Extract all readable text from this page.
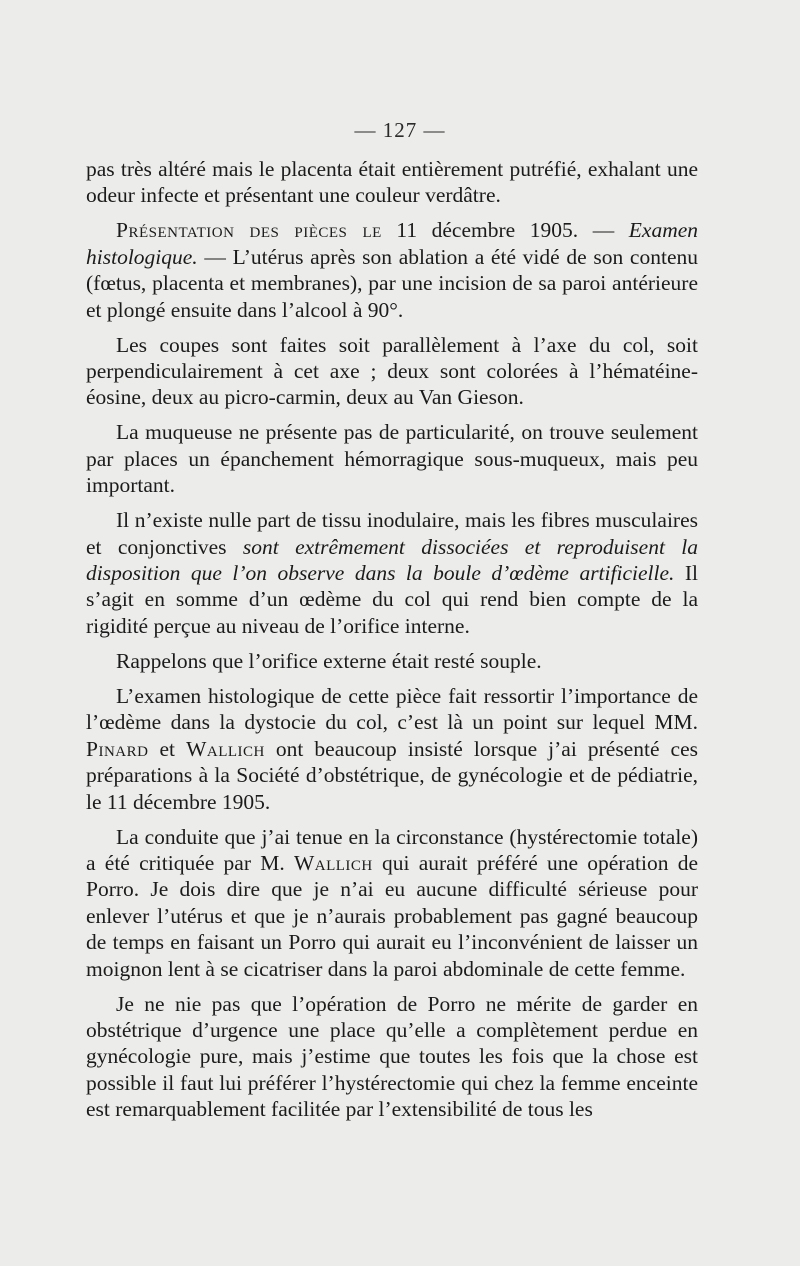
— 127 —

pas très altéré mais le placenta était entièrement putréfié, exhalant une odeur infecte et présentant une couleur verdâtre.

Présentation des pièces le 11 décembre 1905. — Examen histologique. — L’utérus après son ablation a été vidé de son contenu (fœtus, placenta et membranes), par une incision de sa paroi antérieure et plongé ensuite dans l’alcool à 90°.

Les coupes sont faites soit parallèlement à l’axe du col, soit perpendiculairement à cet axe ; deux sont colorées à l’hématéine-éosine, deux au picro-carmin, deux au Van Gieson.

La muqueuse ne présente pas de particularité, on trouve seulement par places un épanchement hémorragique sous-muqueux, mais peu important.

Il n’existe nulle part de tissu inodulaire, mais les fibres musculaires et conjonctives sont extrêmement dissociées et reproduisent la disposition que l’on observe dans la boule d’œdème artificielle. Il s’agit en somme d’un œdème du col qui rend bien compte de la rigidité perçue au niveau de l’orifice interne.

Rappelons que l’orifice externe était resté souple.

L’examen histologique de cette pièce fait ressortir l’importance de l’œdème dans la dystocie du col, c’est là un point sur lequel MM. Pinard et Wallich ont beaucoup insisté lorsque j’ai présenté ces préparations à la Société d’obstétrique, de gynécologie et de pédiatrie, le 11 décembre 1905.

La conduite que j’ai tenue en la circonstance (hystérectomie totale) a été critiquée par M. Wallich qui aurait préféré une opération de Porro. Je dois dire que je n’ai eu aucune difficulté sérieuse pour enlever l’utérus et que je n’aurais probablement pas gagné beaucoup de temps en faisant un Porro qui aurait eu l’inconvénient de laisser un moignon lent à se cicatriser dans la paroi abdominale de cette femme.

Je ne nie pas que l’opération de Porro ne mérite de garder en obstétrique d’urgence une place qu’elle a complètement perdue en gynécologie pure, mais j’estime que toutes les fois que la chose est possible il faut lui préférer l’hystérectomie qui chez la femme enceinte est remarquablement facilitée par l’extensibilité de tous les
